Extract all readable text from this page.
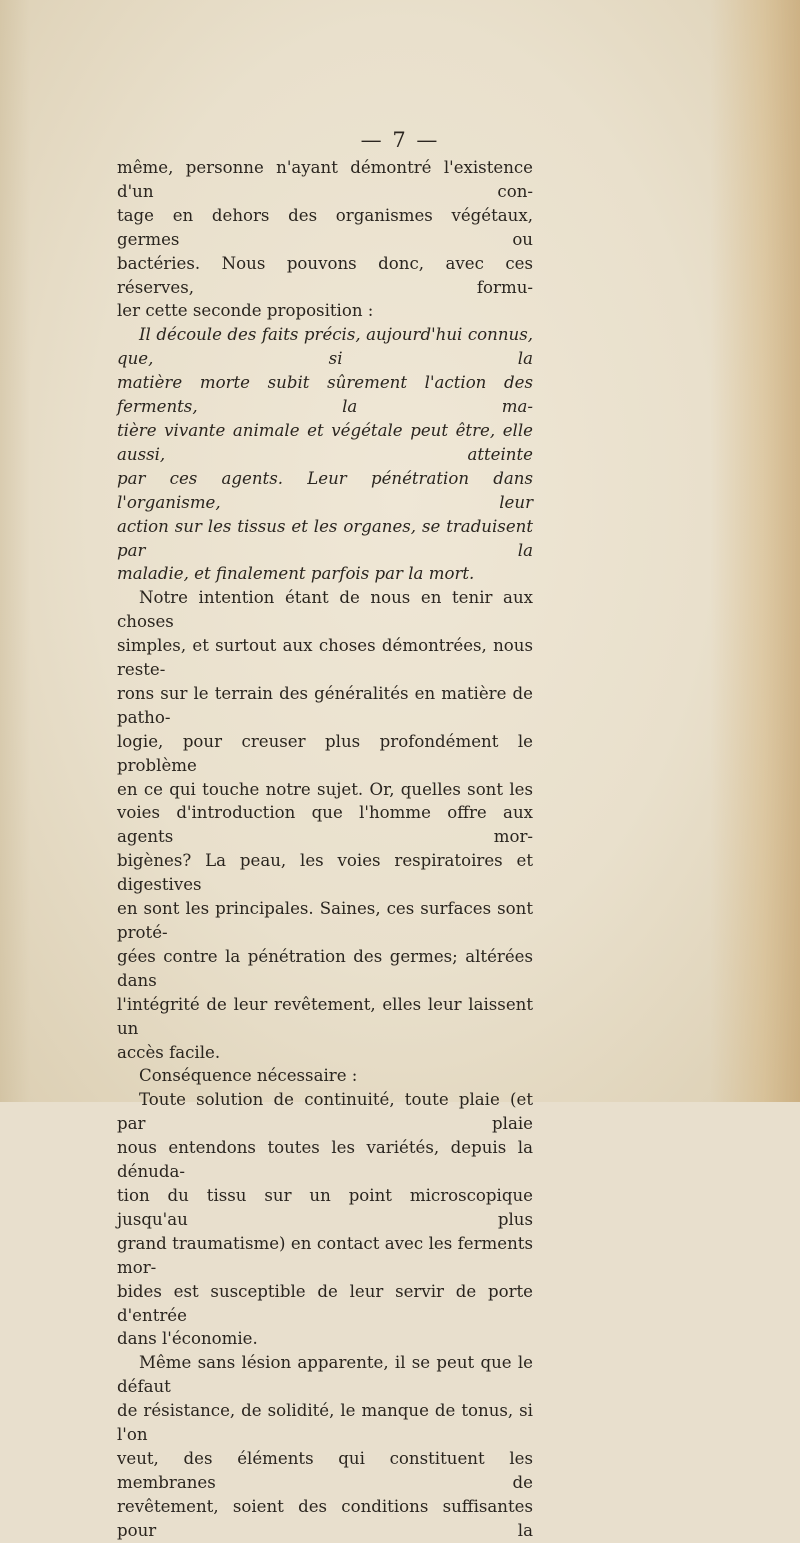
— 7 —

même, personne n'ayant démontré l'existence d'un con-

tage en dehors des organismes végétaux, germes ou

bactéries. Nous pouvons donc, avec ces réserves, formu-

ler cette seconde proposition :

Il découle des faits précis, aujourd'hui connus, que, si la

matière morte subit sûrement l'action des ferments, la ma-

tière vivante animale et végétale peut être, elle aussi, atteinte

par ces agents. Leur pénétration dans l'organisme, leur

action sur les tissus et les organes, se traduisent par la

maladie, et finalement parfois par la mort.

Notre intention étant de nous en tenir aux choses

simples, et surtout aux choses démontrées, nous reste-

rons sur le terrain des généralités en matière de patho-

logie, pour creuser plus profondément le problème

en ce qui touche notre sujet. Or, quelles sont les

voies d'introduction que l'homme offre aux agents mor-

bigènes? La peau, les voies respiratoires et digestives

en sont les principales. Saines, ces surfaces sont proté-

gées contre la pénétration des germes; altérées dans

l'intégrité de leur revêtement, elles leur laissent un

accès facile.

Conséquence nécessaire :

Toute solution de continuité, toute plaie (et par plaie

nous entendons toutes les variétés, depuis la dénuda-

tion du tissu sur un point microscopique jusqu'au plus

grand traumatisme) en contact avec les ferments mor-

bides est susceptible de leur servir de porte d'entrée

dans l'économie.

Même sans lésion apparente, il se peut que le défaut

de résistance, de solidité, le manque de tonus, si l'on

veut, des éléments qui constituent les membranes de

revêtement, soient des conditions suffisantes pour la
